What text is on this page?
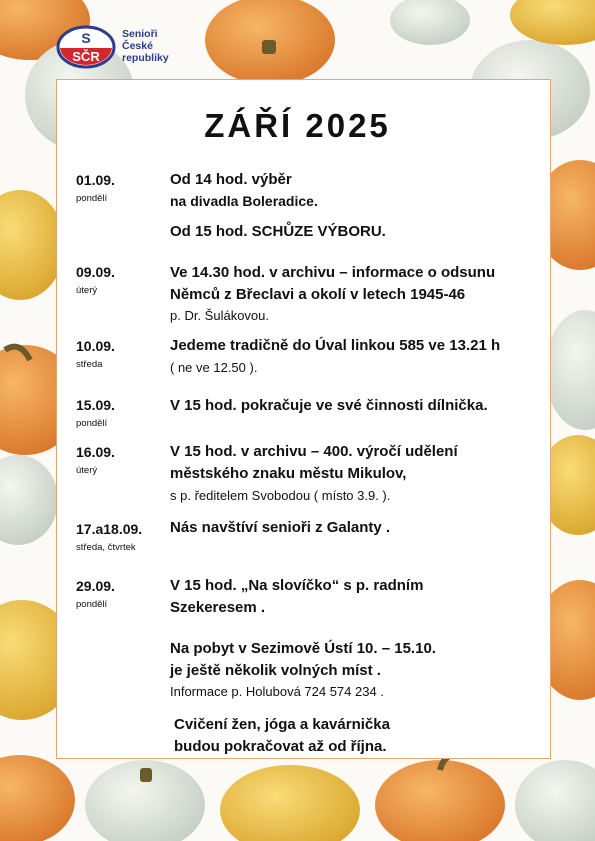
S
SČR
Senioři
České
republiky
ZÁŘÍ 2025
01.09.
pondělí
Od 14 hod. výběr
na divadla Boleradice.
Od 15 hod. SCHŮZE VÝBORU.
09.09.
úterý
Ve 14.30 hod. v archivu – informace o odsunu
Němců z Břeclavi a okolí v letech 1945-46
p. Dr. Šulákovou.
10.09.
středa
Jedeme tradičně do Úval linkou 585 ve 13.21 h
( ne ve 12.50 ).
15.09.
pondělí
V 15 hod. pokračuje ve své činnosti dílnička.
16.09.
úterý
V 15 hod. v archivu – 400. výročí udělení
městského znaku městu Mikulov,
s p. ředitelem Svobodou ( místo 3.9. ).
17.a18.09.
středa, čtvrtek
Nás navštíví senioři z Galanty .
29.09.
pondělí
V 15 hod. „Na slovíčko“ s p. radním
Szekeresem .
Na pobyt v Sezimově Ústí 10. – 15.10.
je ještě několik volných míst .
Informace p. Holubová 724 574 234 .
Cvičení žen, jóga a kavárnička
budou pokračovat až od října.
